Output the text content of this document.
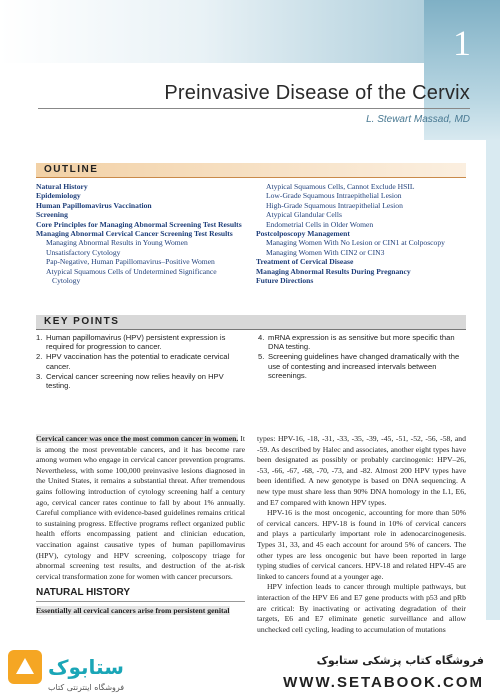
1
Preinvasive Disease of the Cervix
L. Stewart Massad, MD
OUTLINE
Natural History
Epidemiology
Human Papillomavirus Vaccination
Screening
Core Principles for Managing Abnormal Screening Test Results
Managing Abnormal Cervical Cancer Screening Test Results
Managing Abnormal Results in Young Women
Unsatisfactory Cytology
Pap-Negative, Human Papillomavirus–Positive Women
Atypical Squamous Cells of Undetermined Significance
Cytology
Atypical Squamous Cells, Cannot Exclude HSIL
Low-Grade Squamous Intraepithelial Lesion
High-Grade Squamous Intraepithelial Lesion
Atypical Glandular Cells
Endometrial Cells in Older Women
Postcolposcopy Management
Managing Women With No Lesion or CIN1 at Colposcopy
Managing Women With CIN2 or CIN3
Treatment of Cervical Disease
Managing Abnormal Results During Pregnancy
Future Directions
KEY POINTS
1. Human papillomavirus (HPV) persistent expression is required for progression to cancer.
2. HPV vaccination has the potential to eradicate cervical cancer.
3. Cervical cancer screening now relies heavily on HPV testing.
4. mRNA expression is as sensitive but more specific than DNA testing.
5. Screening guidelines have changed dramatically with the use of contesting and increased intervals between screenings.

Cervical cancer was once the most common cancer in women. It is among the most preventable cancers, and it has become rare among women who engage in cervical cancer prevention programs. Nevertheless, with some 100,000 preinvasive lesions diagnosed in the United States, it remains a substantial threat. After tremendous gains following introduction of cytology screening half a century ago, cervical cancer rates continue to fall by about 1% annually. Careful compliance with evidence-based guidelines remains critical to sustaining progress. Effective programs reflect organized public health efforts encompassing patient and clinician education, vaccination against causative types of human papillomavirus (HPV), cytology and HPV screening, colposcopy triage for abnormal screening test results, and destruction of the at-risk cervical transformation zone for women with cancer precursors.

NATURAL HISTORY

Essentially all cervical cancers arise from persistent genital

types: HPV-16, -18, -31, -33, -35, -39, -45, -51, -52, -56, -58, and -59. As described by Halec and associates, another eight types have been designated as possibly or probably carcinogenic: HPV–26, -53, -66, -67, -68, -70, -73, and -82. Almost 200 HPV types have been identified. A new genotype is based on DNA sequencing. A new type must share less than 90% DNA homology in the L1, E6, and E7 compared with known HPV types.

HPV-16 is the most oncogenic, accounting for more than 50% of cervical cancers. HPV-18 is found in 10% of cervical cancers and plays a particularly important role in adenocarcinogenesis. Types 31, 33, and 45 each account for around 5% of cancers. The other types are less oncogenic but have been reported in large typing studies of cervical cancers. HPV-18 and related HPV-45 are linked to cancers found at a younger age.

HPV infection leads to cancer through multiple pathways, but interaction of the HPV E6 and E7 gene products with p53 and pRb are critical: By inactivating or activating degradation of their targets, E6 and E7 eliminate genetic surveillance and allow unchecked cell cycling, leading to accumulation of mutations

ستابوک
فروشگاه اینترنتی کتاب
فروشگاه کتاب پزشکی ستابوک
WWW.SETABOOK.COM
